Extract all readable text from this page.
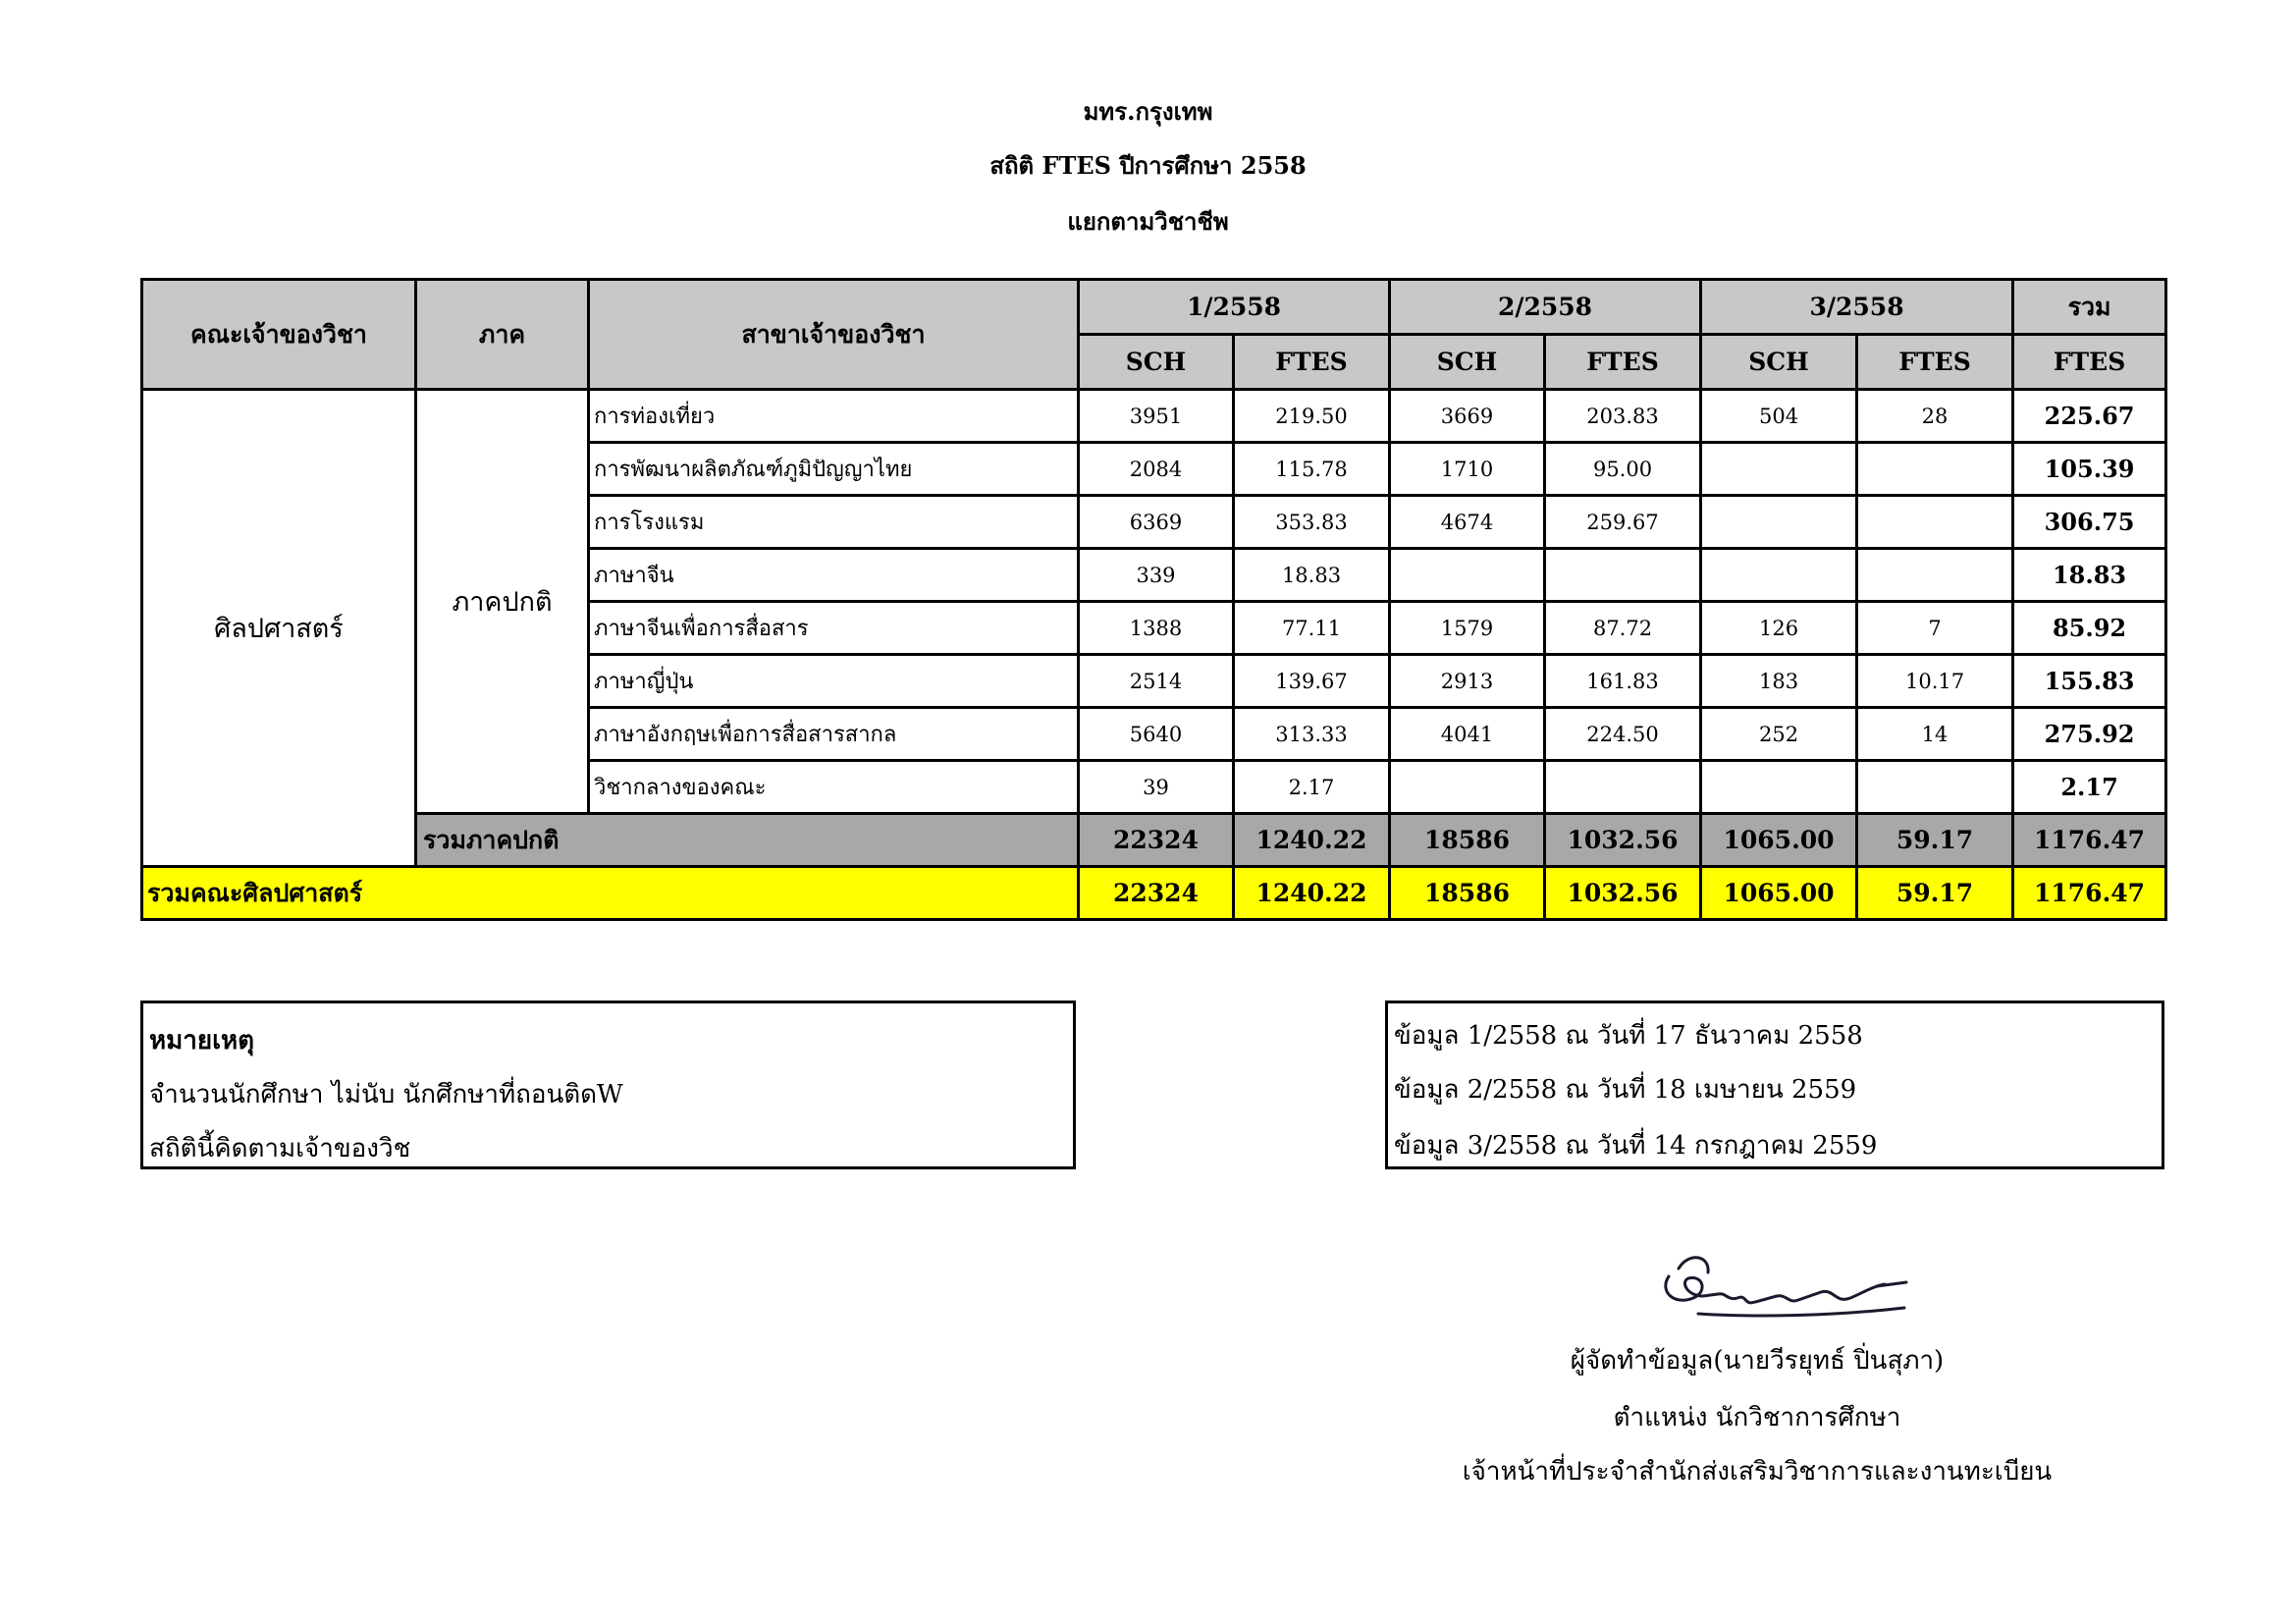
มทร.กรุงเทพ
สถิติ FTES ปีการศึกษา 2558
แยกตามวิชาชีพ
คณะเจ้าของวิชา	ภาค	สาขาเจ้าของวิชา	1/2558		2/2558		3/2558		รวม
			SCH	FTES	SCH	FTES	SCH	FTES	FTES
ศิลปศาสตร์	ภาคปกติ	การท่องเที่ยว	3951	219.50	3669	203.83	504	28	225.67
		การพัฒนาผลิตภัณฑ์ภูมิปัญญาไทย	2084	115.78	1710	95.00			105.39
		การโรงแรม	6369	353.83	4674	259.67			306.75
		ภาษาจีน	339	18.83					18.83
		ภาษาจีนเพื่อการสื่อสาร	1388	77.11	1579	87.72	126	7	85.92
		ภาษาญี่ปุ่น	2514	139.67	2913	161.83	183	10.17	155.83
		ภาษาอังกฤษเพื่อการสื่อสารสากล	5640	313.33	4041	224.50	252	14	275.92
		วิชากลางของคณะ	39	2.17					2.17
	รวมภาคปกติ		22324	1240.22	18586	1032.56	1065.00	59.17	1176.47
รวมคณะศิลปศาสตร์			22324	1240.22	18586	1032.56	1065.00	59.17	1176.47
หมายเหตุ
จำนวนนักศึกษา ไม่นับ นักศึกษาที่ถอนติดW
สถิตินี้คิดตามเจ้าของวิช
ข้อมูล 1/2558 ณ วันที่ 17 ธันวาคม 2558
ข้อมูล 2/2558 ณ วันที่ 18 เมษายน 2559
ข้อมูล 3/2558 ณ วันที่ 14 กรกฎาคม 2559
ผู้จัดทำข้อมูล(นายวีรยุทธ์ ปิ่นสุภา)
ตำแหน่ง นักวิชาการศึกษา
เจ้าหน้าที่ประจำสำนักส่งเสริมวิชาการและงานทะเบียน
